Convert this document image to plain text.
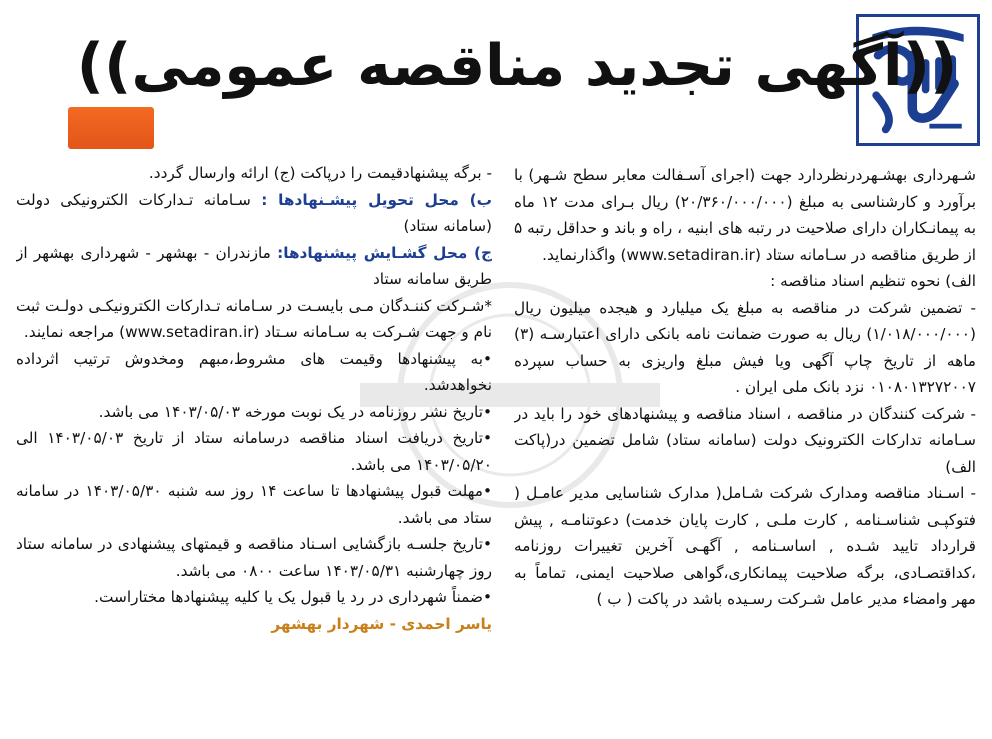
((
آگهی تجدید مناقصه عمومی
))

شـهرداری بهشـهردرنظردارد جهت (اجرای آسـفالت معابر سطح شـهر) با برآورد و کارشناسی به مبلغ (۲۰/۳۶۰/۰۰۰/۰۰۰) ریال بـرای مدت ۱۲ ماه به پیمانـکاران دارای صلاحیت در رتبه های ابنیه ، راه و باند و حداقل رتبه ۵ از طریق مناقصه در سـامانه ستاد (www.setadiran.ir) واگذارنماید.

الف) نحوه تنظیم اسناد مناقصه :

- تضمین شرکت در مناقصه به مبلغ یک میلیارد و هیجده میلیون ریال (۱/۰۱۸/۰۰۰/۰۰۰) ریال به صورت ضمانت نامه بانکی دارای اعتبارسـه (۳) ماهه از تاریخ چاپ آگهی ویا فیش مبلغ واریزی به حساب سپرده ۰۱۰۸۰۱۳۲۷۲۰۰۷ نزد بانک ملی ایران .

- شرکت کنندگان در مناقصه ، اسناد مناقصه و پیشنهادهای خود را باید در سـامانه تدارکات الکترونیک دولت (سامانه ستاد) شامل تضمین در(پاکت الف)

- اسـناد مناقصه ومدارک شرکت شـامل( مدارک شناسایی مدیر عامـل ( فتوکپـی شناسـنامه , کارت ملـی , کارت پایان خدمت) دعوتنامـه , پیش قرارداد تایید شـده , اساسـنامه , آگهـی آخرین تغییرات روزنامه ،کداقتصـادی، برگه صلاحیت پیمانکاری،گواهی صلاحیت ایمنی، تماماً به مهر وامضاء مدیر عامل شـرکت رسـیده باشد در پاکت ( ب )

- برگه پیشنهادقیمت را درپاکت (ج) ارائه وارسال گردد.

ب) محل تحویل پیشـنهادها : سـامانه تـدارکات الکترونیکی دولت (سامانه ستاد)

ج) محل گشـایش پیشنهادها: مازندران - بهشهر - شهرداری بهشهر از طریق سامانه ستاد

*شـرکت کننـدگان مـی بایسـت در سـامانه تـدارکات الکترونیکـی دولـت ثبت نام و جهت شـرکت به سـامانه سـتاد (www.setadiran.ir) مراجعه نمایند.

•به پیشنهادها وقیمت های مشروط،مبهم ومخدوش ترتیب اثرداده نخواهدشد.

•تاریخ نشر روزنامه در یک نوبت مورخه ۱۴۰۳/۰۵/۰۳ می باشد.

•تاریخ دریافت اسناد مناقصه درسامانه ستاد از تاریخ ۱۴۰۳/۰۵/۰۳ الی ۱۴۰۳/۰۵/۲۰ می باشد.

•مهلت قبول پیشنهادها تا ساعت ۱۴ روز سه شنبه ۱۴۰۳/۰۵/۳۰ در سامانه ستاد می باشد.

•تاریخ جلسـه بازگشایی اسـناد مناقصه و قیمتهای پیشنهادی در سامانه ستاد روز چهارشنبه ۱۴۰۳/۰۵/۳۱ ساعت ۰۸۰۰ می باشد.

•ضمناً شهرداری در رد یا قبول یک یا کلیه پیشنهادها مختاراست.

یاسر احمدی - شهردار بهشهر
